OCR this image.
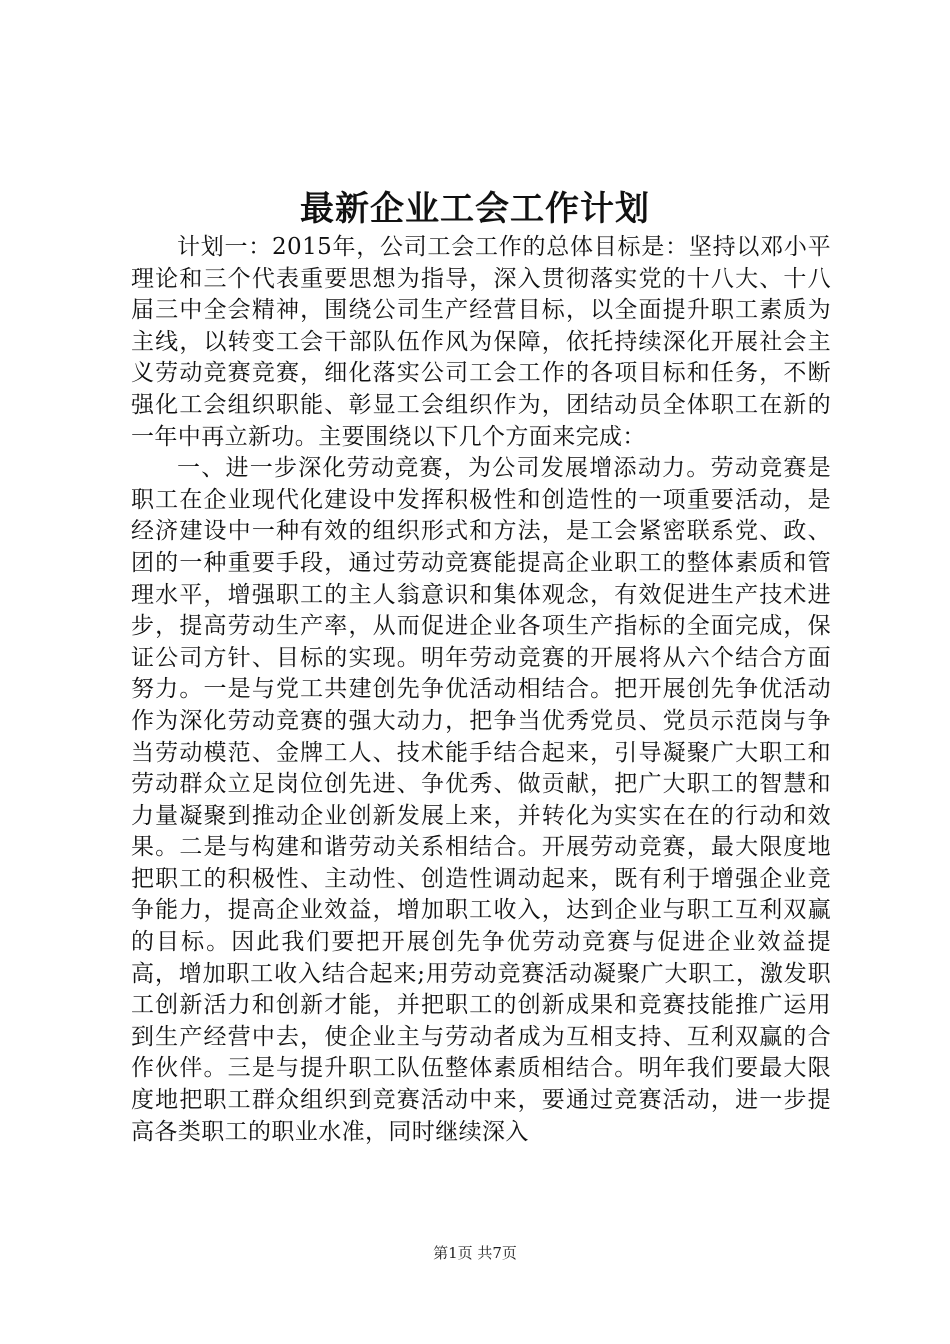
最新企业工会工作计划

计划一：2015年，公司工会工作的总体目标是：坚持以邓小平理论和三个代表重要思想为指导，深入贯彻落实党的十八大、十八届三中全会精神，围绕公司生产经营目标，以全面提升职工素质为主线，以转变工会干部队伍作风为保障，依托持续深化开展社会主义劳动竞赛竞赛，细化落实公司工会工作的各项目标和任务，不断强化工会组织职能、彰显工会组织作为，团结动员全体职工在新的一年中再立新功。主要围绕以下几个方面来完成：

一、进一步深化劳动竞赛，为公司发展增添动力。劳动竞赛是职工在企业现代化建设中发挥积极性和创造性的一项重要活动，是经济建设中一种有效的组织形式和方法，是工会紧密联系党、政、团的一种重要手段，通过劳动竞赛能提高企业职工的整体素质和管理水平，增强职工的主人翁意识和集体观念，有效促进生产技术进步，提高劳动生产率，从而促进企业各项生产指标的全面完成，保证公司方针、目标的实现。明年劳动竞赛的开展将从六个结合方面努力。一是与党工共建创先争优活动相结合。把开展创先争优活动作为深化劳动竞赛的强大动力，把争当优秀党员、党员示范岗与争当劳动模范、金牌工人、技术能手结合起来，引导凝聚广大职工和劳动群众立足岗位创先进、争优秀、做贡献，把广大职工的智慧和力量凝聚到推动企业创新发展上来，并转化为实实在在的行动和效果。二是与构建和谐劳动关系相结合。开展劳动竞赛，最大限度地把职工的积极性、主动性、创造性调动起来，既有利于增强企业竞争能力，提高企业效益，增加职工收入，达到企业与职工互利双赢的目标。因此我们要把开展创先争优劳动竞赛与促进企业效益提高，增加职工收入结合起来;用劳动竞赛活动凝聚广大职工，激发职工创新活力和创新才能，并把职工的创新成果和竞赛技能推广运用到生产经营中去，使企业主与劳动者成为互相支持、互利双赢的合作伙伴。三是与提升职工队伍整体素质相结合。明年我们要最大限度地把职工群众组织到竞赛活动中来，要通过竞赛活动，进一步提高各类职工的职业水准，同时继续深入

第1页 共7页
